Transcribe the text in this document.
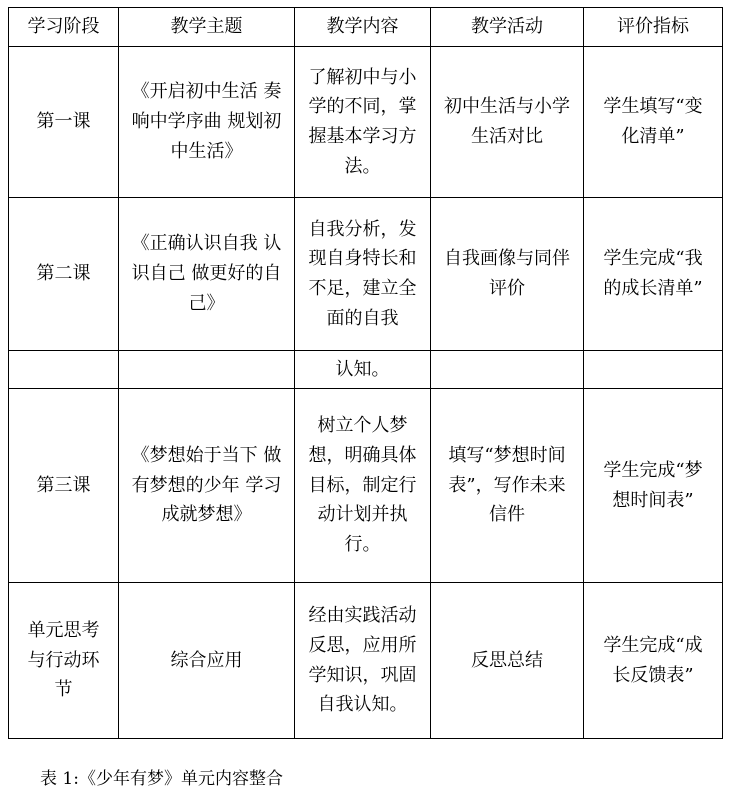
学习阶段	教学主题	教学内容	教学活动	评价指标
第一课	《开启初中生活 奏响中学序曲 规划初中生活》	了解初中与小学的不同，掌握基本学习方法。	初中生活与小学生活对比	学生填写“变化清单”
第二课	《正确认识自我 认识自己 做更好的自己》	自我分析，发现自身特长和不足，建立全面的自我	自我画像与同伴评价	学生完成“我的成长清单”
		认知。		
第三课	《梦想始于当下 做有梦想的少年 学习成就梦想》	树立个人梦想，明确具体目标，制定行动计划并执行。	填写“梦想时间表”，写作未来信件	学生完成“梦想时间表”
单元思考与行动环节	综合应用	经由实践活动反思，应用所学知识，巩固自我认知。	反思总结	学生完成“成长反馈表”
表 1:《少年有梦》单元内容整合
